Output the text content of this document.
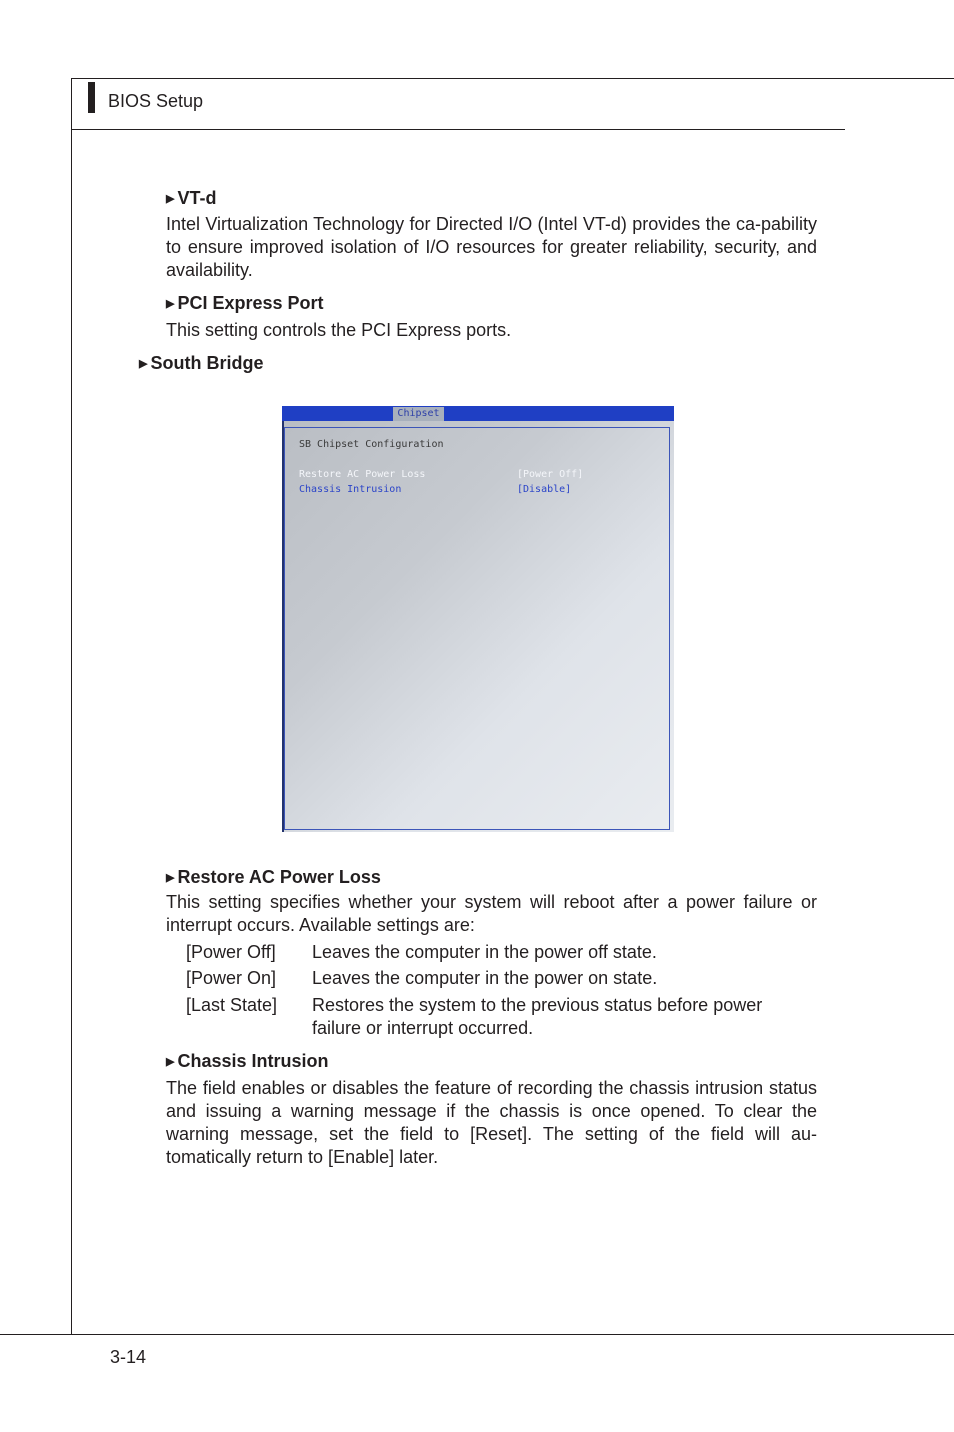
BIOS Setup
▶ VT-d
Intel Virtualization Technology for Directed I/O (Intel VT-d) provides the ca-pability to ensure improved isolation of I/O resources for greater reliability, security, and availability.
▶ PCI Express Port
This setting controls the PCI Express ports.
▶ South Bridge
Chipset
SB Chipset Configuration
Restore AC Power Loss	[Power Off]
Chassis Intrusion	[Disable]
▶ Restore AC Power Loss
This setting specifies whether your system will reboot after a power failure or interrupt occurs. Available settings are:
[Power Off] Leaves the computer in the power off state.
[Power On] Leaves the computer in the power on state.
[Last State] Restores the system to the previous status before power failure or interrupt occurred.
▶ Chassis Intrusion
The field enables or disables the feature of recording the chassis intrusion status and issuing a warning message if the chassis is once opened. To clear the warning message, set the field to [Reset]. The setting of the field will au-tomatically return to [Enable] later.
3-14
